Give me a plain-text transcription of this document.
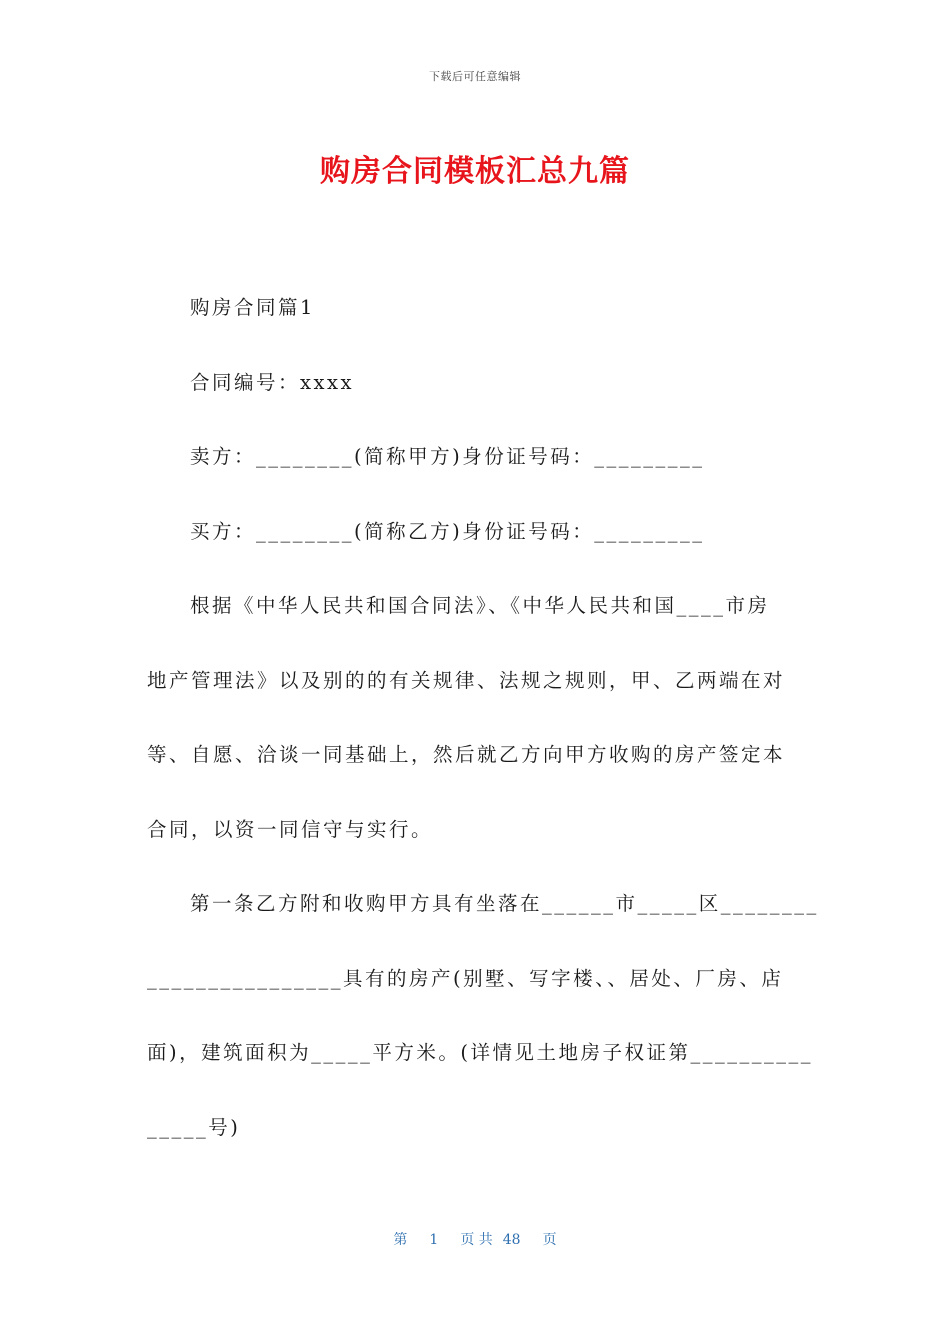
下载后可任意编辑
购房合同模板汇总九篇

购房合同篇1

合同编号：xxxx

卖方：________(简称甲方)身份证号码：_________

买方：________(简称乙方)身份证号码：_________

根据《中华人民共和国合同法》、《中华人民共和国____市房

地产管理法》以及别的的有关规律、法规之规则，甲、乙两端在对

等、自愿、洽谈一同基础上，然后就乙方向甲方收购的房产签定本

合同，以资一同信守与实行。

第一条乙方附和收购甲方具有坐落在______市_____区________

________________具有的房产(别墅、写字楼、、居处、厂房、店

面)，建筑面积为_____平方米。(详情见土地房子权证第__________

_____号)

第 1 页 共 48 页
